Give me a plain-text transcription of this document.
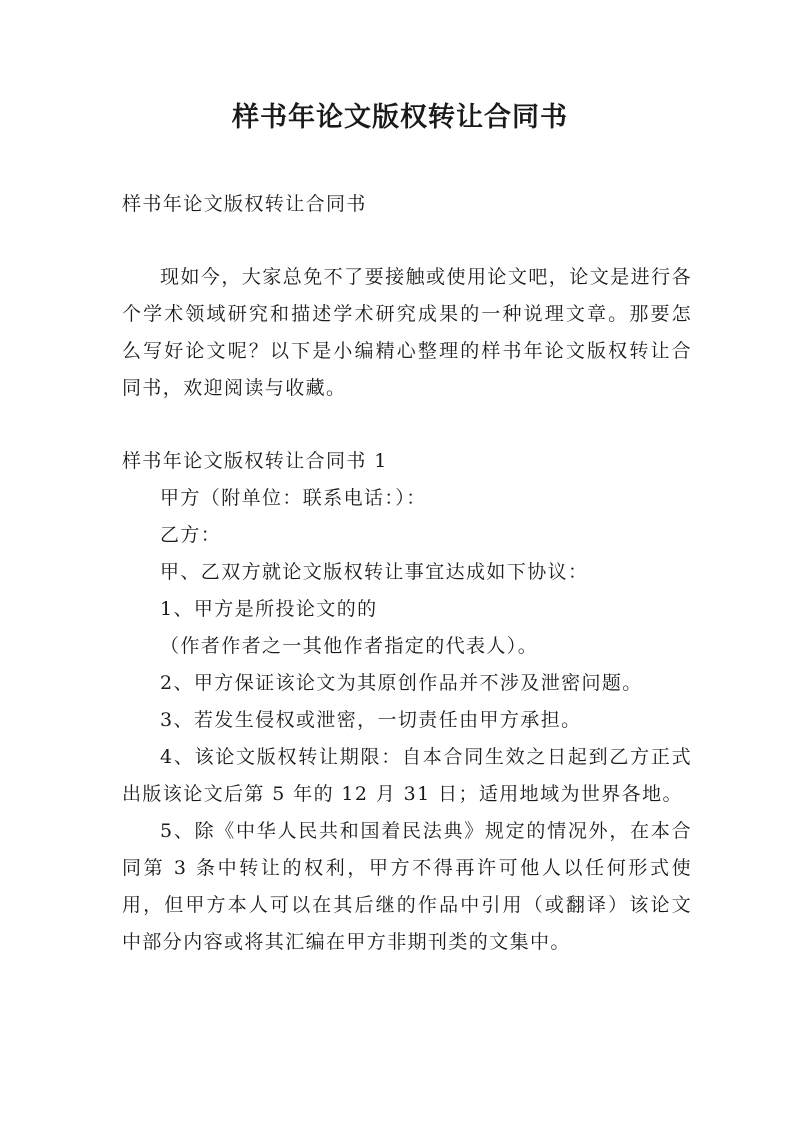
样书年论文版权转让合同书

样书年论文版权转让合同书

现如今，大家总免不了要接触或使用论文吧，论文是进行各个学术领域研究和描述学术研究成果的一种说理文章。那要怎么写好论文呢？以下是小编精心整理的样书年论文版权转让合同书，欢迎阅读与收藏。

样书年论文版权转让合同书 1

甲方（附单位：联系电话：）：

乙方：

甲、乙双方就论文版权转让事宜达成如下协议：

1、甲方是所投论文的的

（作者作者之一其他作者指定的代表人）。

2、甲方保证该论文为其原创作品并不涉及泄密问题。

3、若发生侵权或泄密，一切责任由甲方承担。

4、该论文版权转让期限：自本合同生效之日起到乙方正式出版该论文后第 5 年的 12 月 31 日；适用地域为世界各地。

5、除《中华人民共和国着民法典》规定的情况外，在本合同第 3 条中转让的权利，甲方不得再许可他人以任何形式使用，但甲方本人可以在其后继的作品中引用（或翻译）该论文中部分内容或将其汇编在甲方非期刊类的文集中。
